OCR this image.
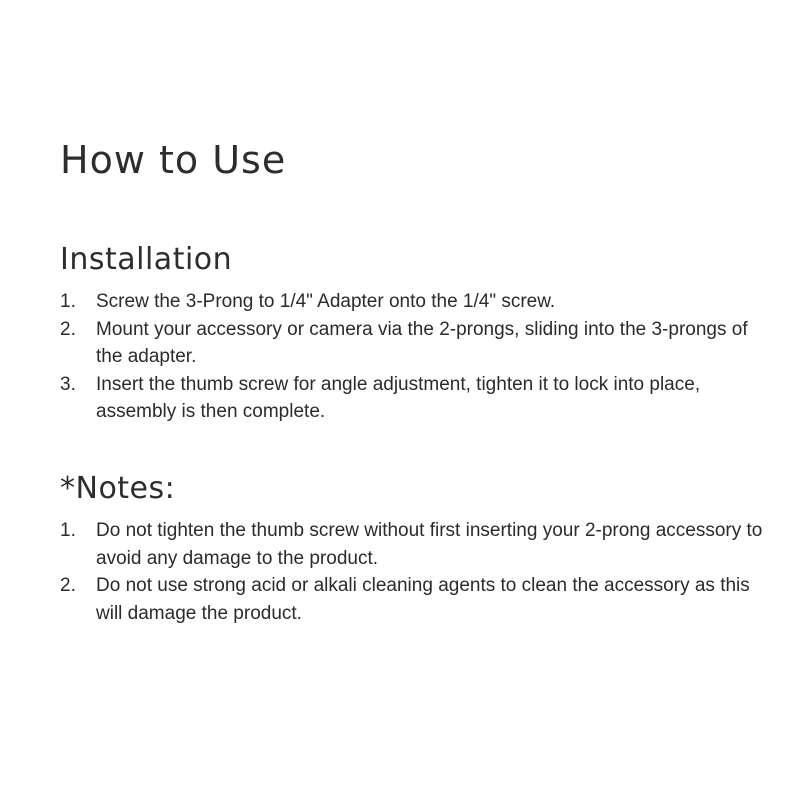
How to Use
Installation
1. Screw the 3-Prong to 1/4" Adapter onto the 1/4" screw.
2. Mount your accessory or camera via the 2-prongs, sliding into the 3-prongs of the adapter.
3. Insert the thumb screw for angle adjustment, tighten it to lock into place, assembly is then complete.
*Notes:
1. Do not tighten the thumb screw without first inserting your 2-prong accessory to avoid any damage to the product.
2. Do not use strong acid or alkali cleaning agents to clean the accessory as this will damage the product.
